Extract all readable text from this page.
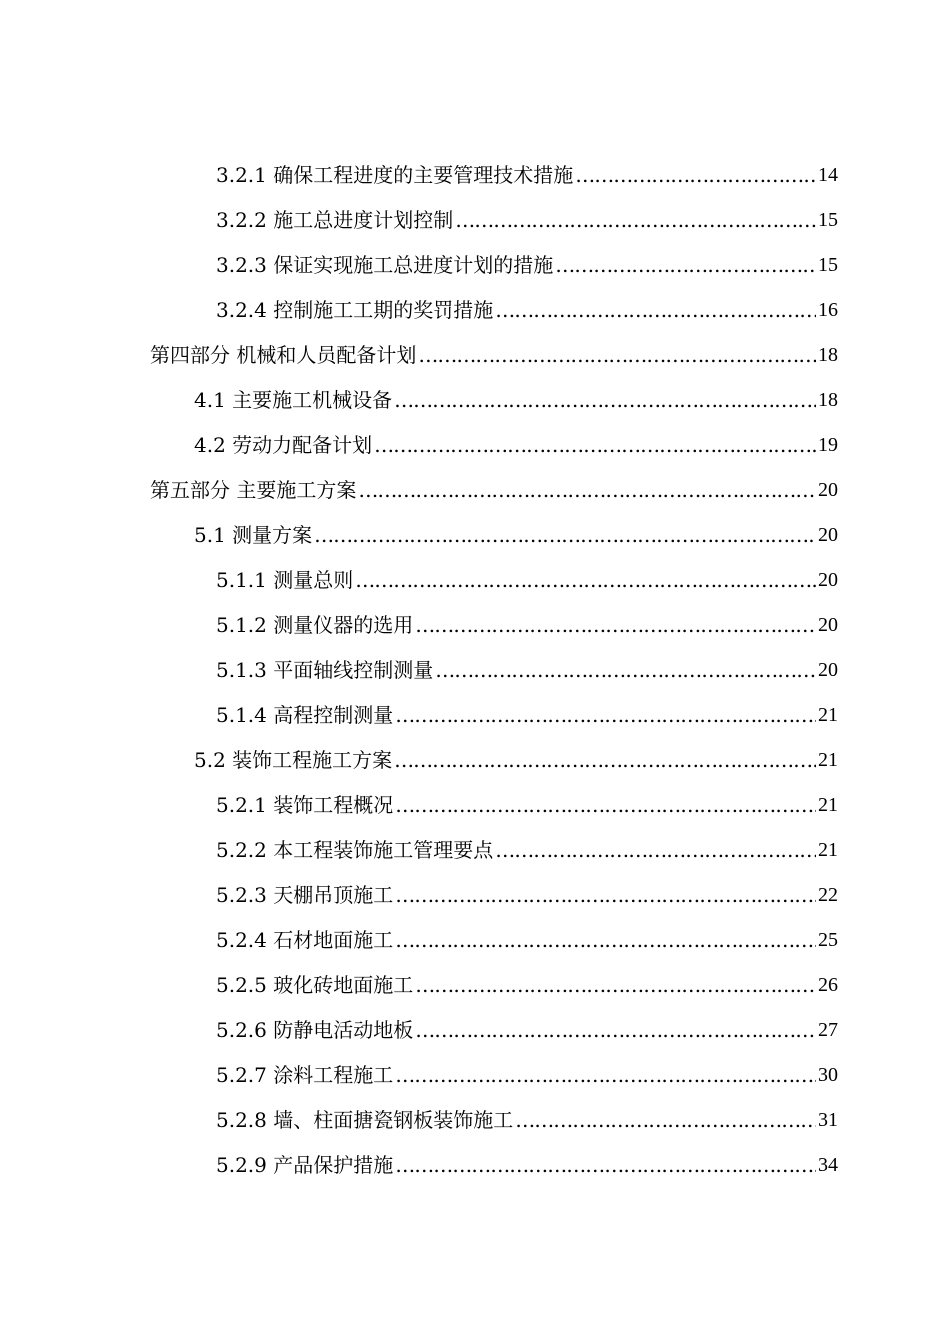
3.2.1 确保工程进度的主要管理技术措施 ……………………………………………………………………………………………………………………………………………………………………	14
3.2.2 施工总进度计划控制 ……………………………………………………………………………………………………………………………………………………………………	15
3.2.3 保证实现施工总进度计划的措施 ……………………………………………………………………………………………………………………………………………………………………	15
3.2.4 控制施工工期的奖罚措施 ……………………………………………………………………………………………………………………………………………………………………	16
第四部分 机械和人员配备计划 ……………………………………………………………………………………………………………………………………………………………………	18
4.1 主要施工机械设备 ……………………………………………………………………………………………………………………………………………………………………	18
4.2 劳动力配备计划 ……………………………………………………………………………………………………………………………………………………………………	19
第五部分 主要施工方案 ……………………………………………………………………………………………………………………………………………………………………	20
5.1 测量方案 ……………………………………………………………………………………………………………………………………………………………………	20
5.1.1 测量总则 ……………………………………………………………………………………………………………………………………………………………………	20
5.1.2 测量仪器的选用 ……………………………………………………………………………………………………………………………………………………………………	20
5.1.3 平面轴线控制测量 ……………………………………………………………………………………………………………………………………………………………………	20
5.1.4 高程控制测量 ……………………………………………………………………………………………………………………………………………………………………	21
5.2 装饰工程施工方案 ……………………………………………………………………………………………………………………………………………………………………	21
5.2.1 装饰工程概况 ……………………………………………………………………………………………………………………………………………………………………	21
5.2.2 本工程装饰施工管理要点 ……………………………………………………………………………………………………………………………………………………………………	21
5.2.3 天棚吊顶施工 ……………………………………………………………………………………………………………………………………………………………………	22
5.2.4 石材地面施工 ……………………………………………………………………………………………………………………………………………………………………	25
5.2.5 玻化砖地面施工 ……………………………………………………………………………………………………………………………………………………………………	26
5.2.6 防静电活动地板 ……………………………………………………………………………………………………………………………………………………………………	27
5.2.7 涂料工程施工 ……………………………………………………………………………………………………………………………………………………………………	30
5.2.8 墙、柱面搪瓷钢板装饰施工 ……………………………………………………………………………………………………………………………………………………………………	31
5.2.9 产品保护措施 ……………………………………………………………………………………………………………………………………………………………………	34
